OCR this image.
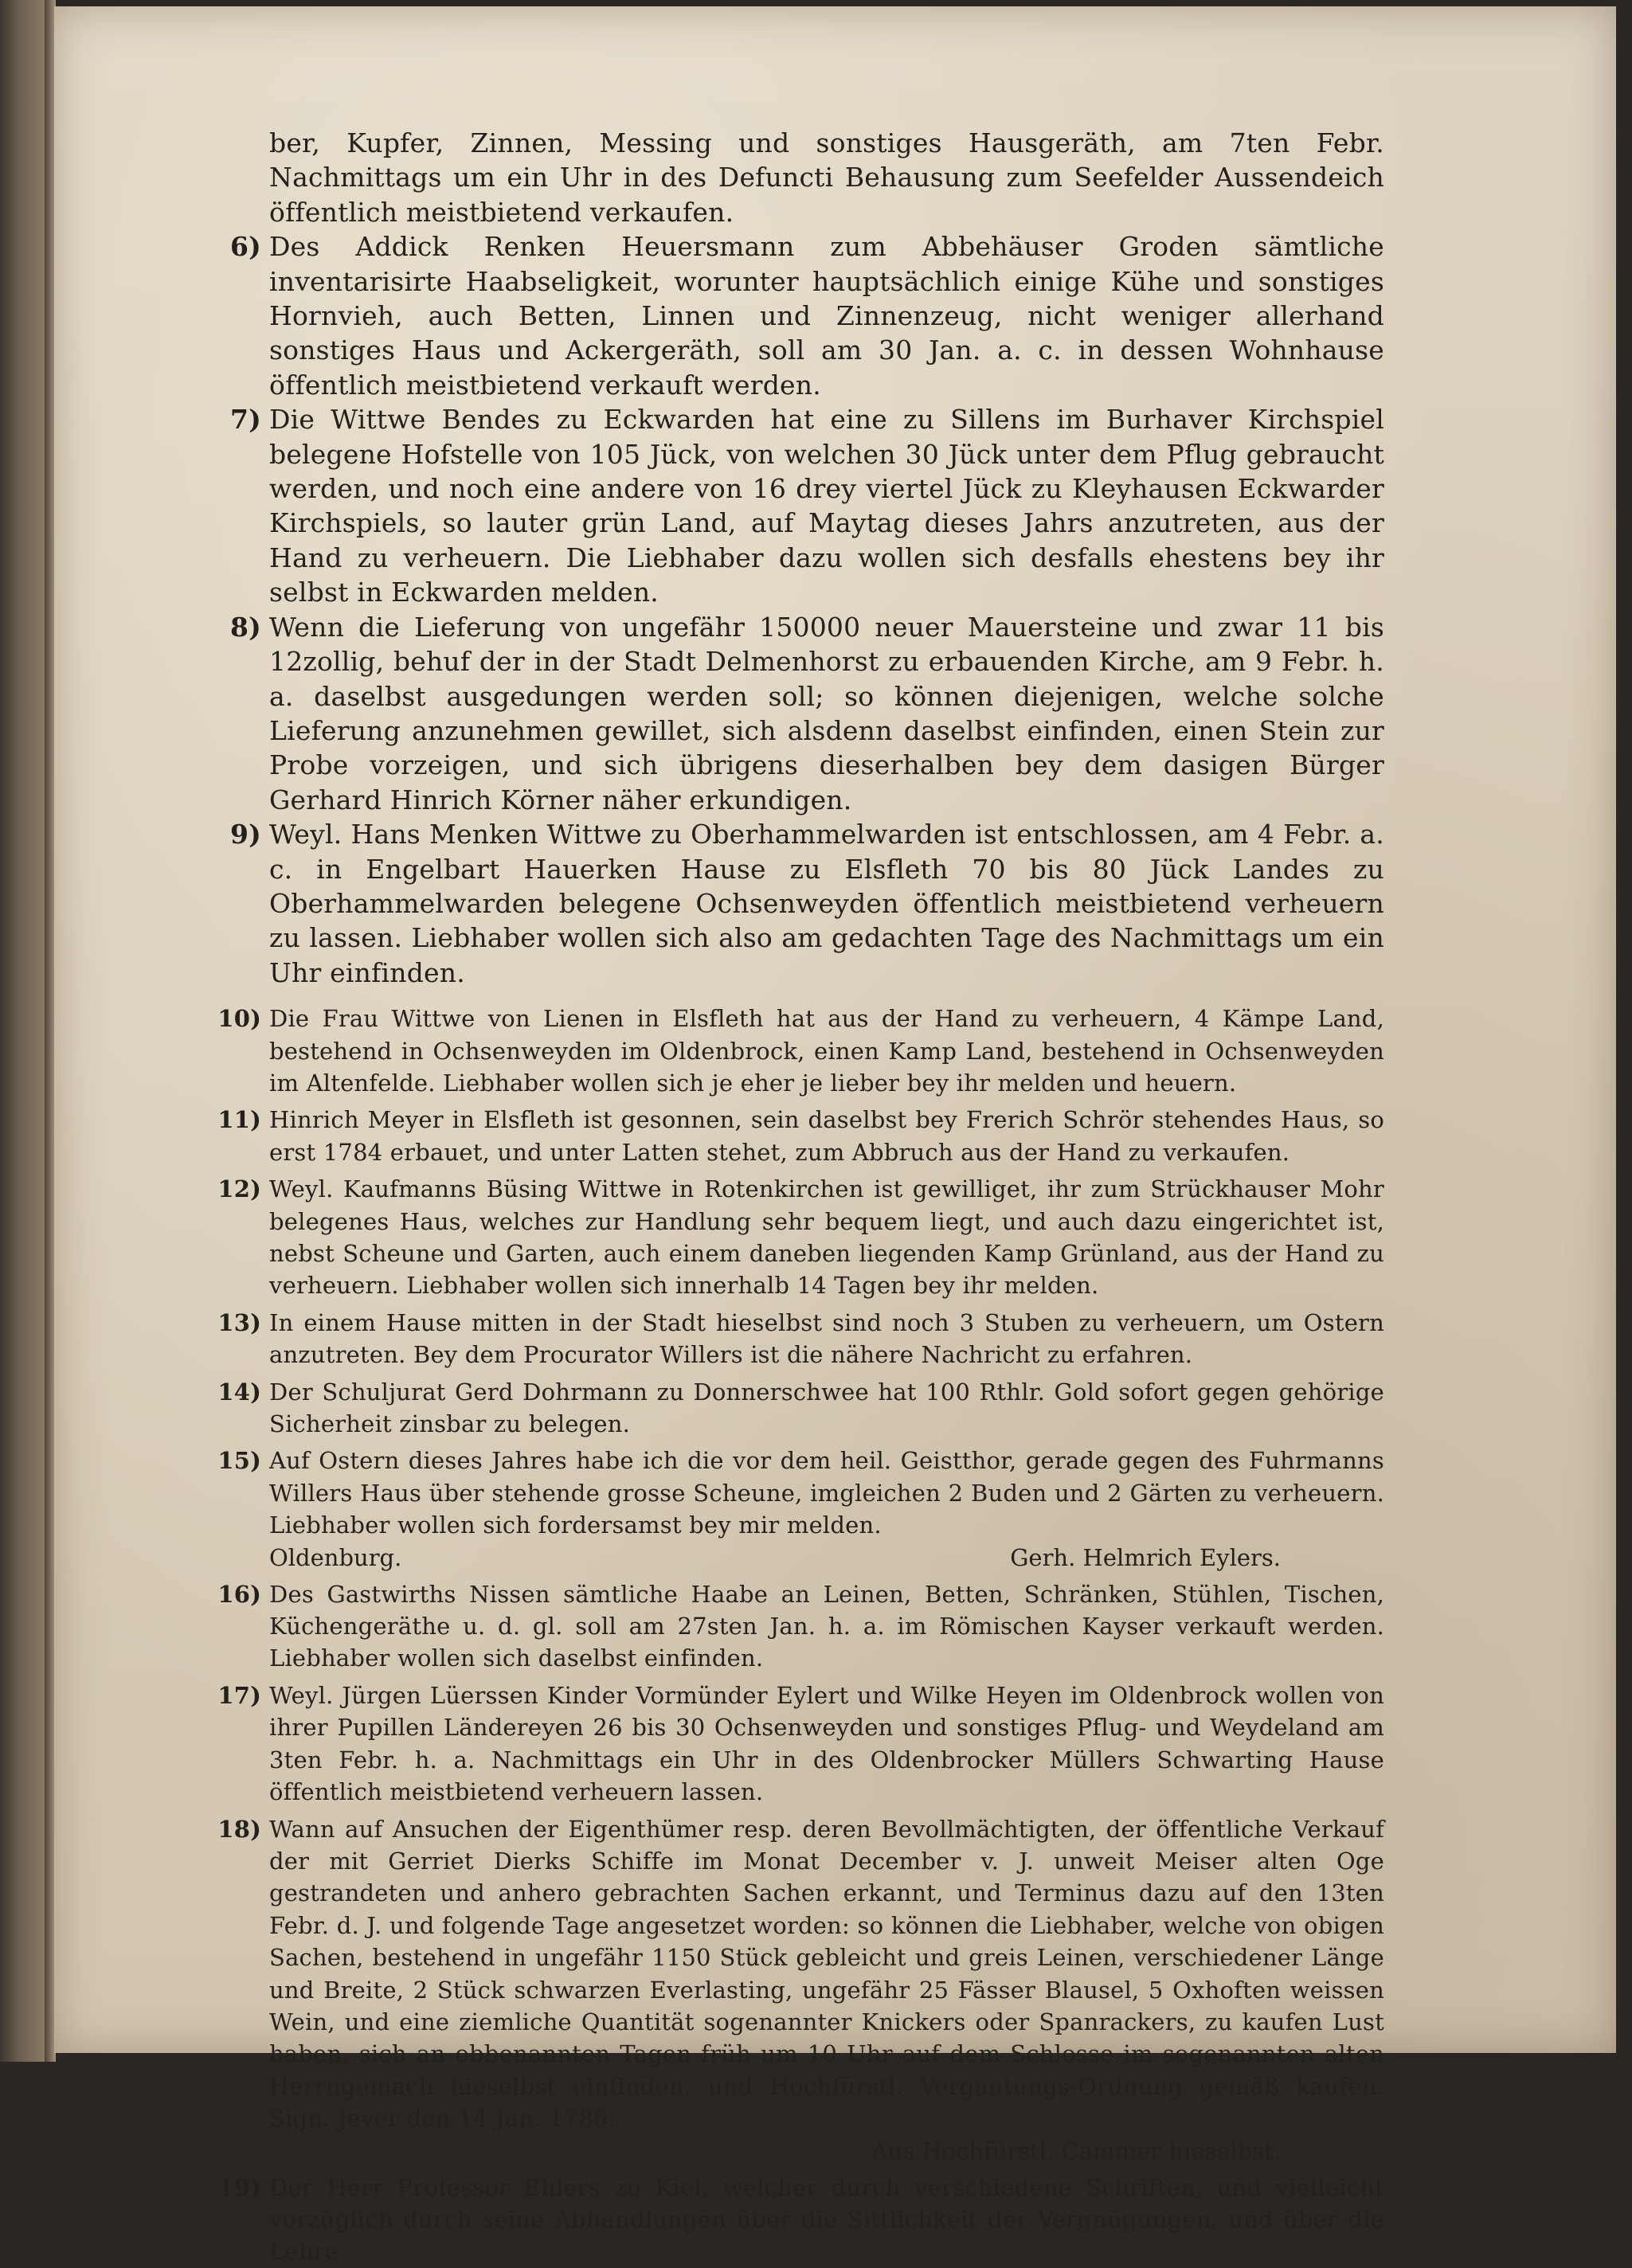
ber, Kupfer, Zinnen, Messing und sonstiges Hausgeräth, am 7ten Febr. Nachmittags um ein Uhr in des Defuncti Behausung zum Seefelder Aussendeich öffentlich meistbietend verkaufen.
6) Des Addick Renken Heuersmann zum Abbehäuser Groden sämtliche inventarisirte Haabseligkeit, worunter hauptsächlich einige Kühe und sonstiges Hornvieh, auch Betten, Linnen und Zinnenzeug, nicht weniger allerhand sonstiges Haus und Ackergeräth, soll am 30 Jan. a. c. in dessen Wohnhause öffentlich meistbietend verkauft werden.
7) Die Wittwe Bendes zu Eckwarden hat eine zu Sillens im Burhaver Kirchspiel belegene Hofstelle von 105 Jück, von welchen 30 Jück unter dem Pflug gebraucht werden, und noch eine andere von 16 drey viertel Jück zu Kleyhausen Eckwarder Kirchspiels, so lauter grün Land, auf Maytag dieses Jahrs anzutreten, aus der Hand zu verheuern. Die Liebhaber dazu wollen sich desfalls ehestens bey ihr selbst in Eckwarden melden.
8) Wenn die Lieferung von ungefähr 150000 neuer Mauersteine und zwar 11 bis 12zollig, behuf der in der Stadt Delmenhorst zu erbauenden Kirche, am 9 Febr. h. a. daselbst ausgedungen werden soll; so können diejenigen, welche solche Lieferung anzunehmen gewillet, sich alsdenn daselbst einfinden, einen Stein zur Probe vorzeigen, und sich übrigens dieserhalben bey dem dasigen Bürger Gerhard Hinrich Körner näher erkundigen.
9) Weyl. Hans Menken Wittwe zu Oberhammelwarden ist entschlossen, am 4 Febr. a. c. in Engelbart Hauerken Hause zu Elsfleth 70 bis 80 Jück Landes zu Oberhammelwarden belegene Ochsenweyden öffentlich meistbietend verheuern zu lassen. Liebhaber wollen sich also am gedachten Tage des Nachmittags um ein Uhr einfinden.
10) Die Frau Wittwe von Lienen in Elsfleth hat aus der Hand zu verheuern, 4 Kämpe Land, bestehend in Ochsenweyden im Oldenbrock, einen Kamp Land, bestehend in Ochsenweyden im Altenfelde. Liebhaber wollen sich je eher je lieber bey ihr melden und heuern.
11) Hinrich Meyer in Elsfleth ist gesonnen, sein daselbst bey Frerich Schrör stehendes Haus, so erst 1784 erbauet, und unter Latten stehet, zum Abbruch aus der Hand zu verkaufen.
12) Weyl. Kaufmanns Büsing Wittwe in Rotenkirchen ist gewilliget, ihr zum Strückhauser Mohr belegenes Haus, welches zur Handlung sehr bequem liegt, und auch dazu eingerichtet ist, nebst Scheune und Garten, auch einem daneben liegenden Kamp Grünland, aus der Hand zu verheuern. Liebhaber wollen sich innerhalb 14 Tagen bey ihr melden.
13) In einem Hause mitten in der Stadt hieselbst sind noch 3 Stuben zu verheuern, um Ostern anzutreten. Bey dem Procurator Willers ist die nähere Nachricht zu erfahren.
14) Der Schuljurat Gerd Dohrmann zu Donnerschwee hat 100 Rthlr. Gold sofort gegen gehörige Sicherheit zinsbar zu belegen.
15) Auf Ostern dieses Jahres habe ich die vor dem heil. Geistthor, gerade gegen des Fuhrmanns Willers Haus über stehende grosse Scheune, imgleichen 2 Buden und 2 Gärten zu verheuern. Liebhaber wollen sich fordersamst bey mir melden.
Oldenburg.	Gerh. Helmrich Eylers.
16) Des Gastwirths Nissen sämtliche Haabe an Leinen, Betten, Schränken, Stühlen, Tischen, Küchengeräthe u. d. gl. soll am 27sten Jan. h. a. im Römischen Kayser verkauft werden. Liebhaber wollen sich daselbst einfinden.
17) Weyl. Jürgen Lüerssen Kinder Vormünder Eylert und Wilke Heyen im Oldenbrock wollen von ihrer Pupillen Ländereyen 26 bis 30 Ochsenweyden und sonstiges Pflug- und Weydeland am 3ten Febr. h. a. Nachmittags ein Uhr in des Oldenbrocker Müllers Schwarting Hause öffentlich meistbietend verheuern lassen.
18) Wann auf Ansuchen der Eigenthümer resp. deren Bevollmächtigten, der öffentliche Verkauf der mit Gerriet Dierks Schiffe im Monat December v. J. unweit Meiser alten Oge gestrandeten und anhero gebrachten Sachen erkannt, und Terminus dazu auf den 13ten Febr. d. J. und folgende Tage angesetzet worden: so können die Liebhaber, welche von obigen Sachen, bestehend in ungefähr 1150 Stück gebleicht und greis Leinen, verschiedener Länge und Breite, 2 Stück schwarzen Everlasting, ungefähr 25 Fässer Blausel, 5 Oxhoften weissen Wein, und eine ziemliche Quantität sogenannter Knickers oder Spanrackers, zu kaufen Lust haben, sich an obbenannten Tagen früh um 10 Uhr auf dem Schlosse im sogenannten alten Herrngemach hieselbst einfinden, und Hochfürstl. Vergantungs-Ordnung gemäß kaufen. Sign. Jever den 14 Jan. 1786.
Aus Hochfürstl. Cammer hieselbst.
19) Der Herr Professor Ehlers zu Kiel, welcher durch verschiedene Schriften, und vielleicht vorzüglich durch seine Abhandlungen über die Sittlichkeit der Vergnügungen, und über die Lehre
